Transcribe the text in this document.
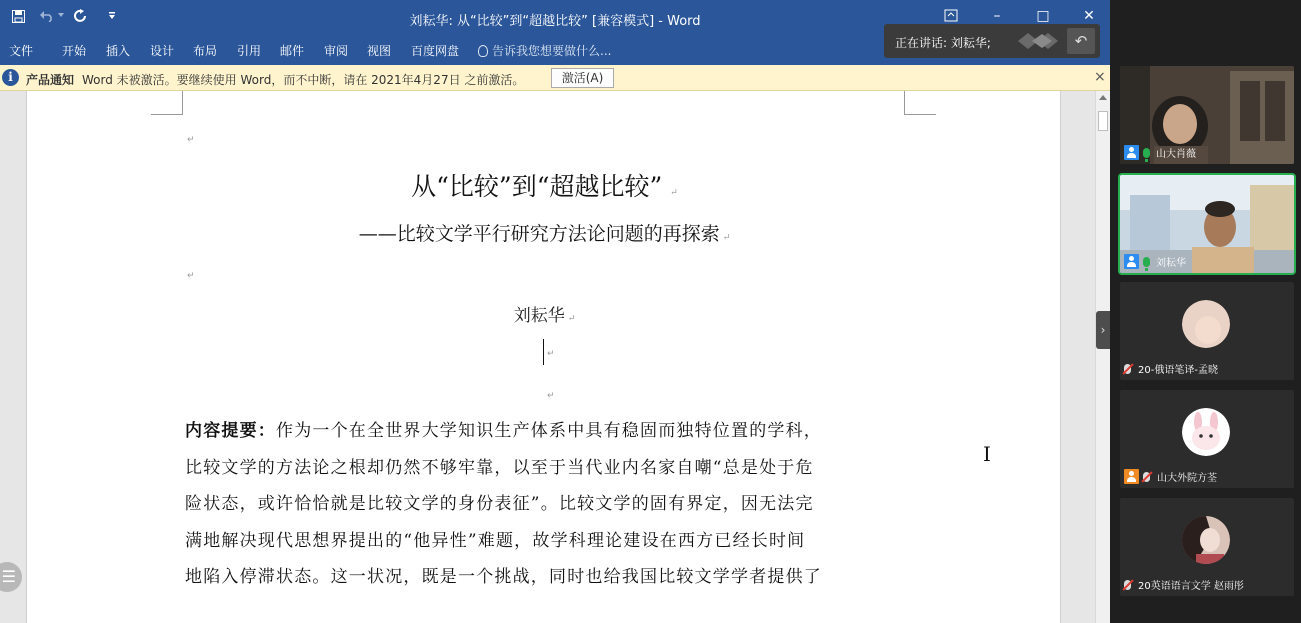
刘耘华: 从“比较”到“超越比较” [兼容模式] - Word	–	□	✕
文件 开始 插入 设计 布局 引用 邮件 审阅 视图 百度网盘	告诉我您想要做什么...
i	产品通知 Word 未被激活。要继续使用 Word，而不中断，请在 2021年4月27日 之前激活。	激活(A)	×
↵
从“比较”到“超越比较” ↵
——比较文学平行研究方法论问题的再探索 ↵
↵
刘耘华 ↵
↵
↵
内容提要：作为一个在全世界大学知识生产体系中具有稳固而独特位置的学科，
比较文学的方法论之根却仍然不够牢靠，以至于当代业内名家自嘲“总是处于危
险状态，或许恰恰就是比较文学的身份表征”。比较文学的固有界定，因无法完
满地解决现代思想界提出的“他异性”难题，故学科理论建设在西方已经长时间
地陷入停滞状态。这一状况，既是一个挑战，同时也给我国比较文学学者提供了
I
☰
正在讲话: 刘耘华;	↶
山大肖薇
刘耘华
20-俄语笔译-孟晓
山大外院方荃
20英语语言文学 赵雨彤
›
